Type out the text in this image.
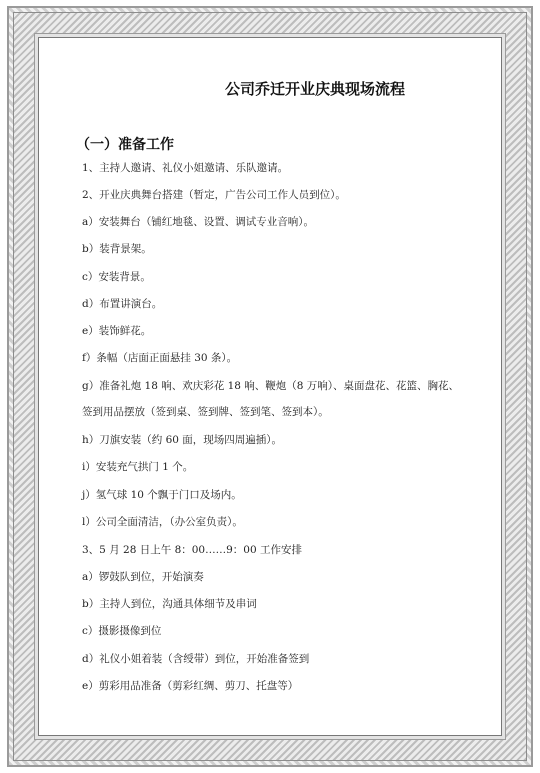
公司乔迁开业庆典现场流程
（一）准备工作
1、主持人邀请、礼仪小姐邀请、乐队邀请。
2、开业庆典舞台搭建（暂定，广告公司工作人员到位）。
a）安装舞台（铺红地毯、设置、调试专业音响）。
b）装背景架。
c）安装背景。
d）布置讲演台。
e）装饰鲜花。
f）条幅（店面正面悬挂 30 条）。
g）准备礼炮 18 响、欢庆彩花 18 响、鞭炮（8 万响）、桌面盘花、花篮、胸花、
签到用品摆放（签到桌、签到牌、签到笔、签到本）。
h）刀旗安装（约 60 面，现场四周遍插）。
i）安装充气拱门 1 个。
j）氢气球 10 个飘于门口及场内。
l）公司全面清洁，（办公室负责）。
3、5 月 28 日上午 8：00……9：00 工作安排
a）锣鼓队到位，开始演奏
b）主持人到位，沟通具体细节及串词
c）摄影摄像到位
d）礼仪小姐着装（含绶带）到位，开始准备签到
e）剪彩用品准备（剪彩红绸、剪刀、托盘等）
